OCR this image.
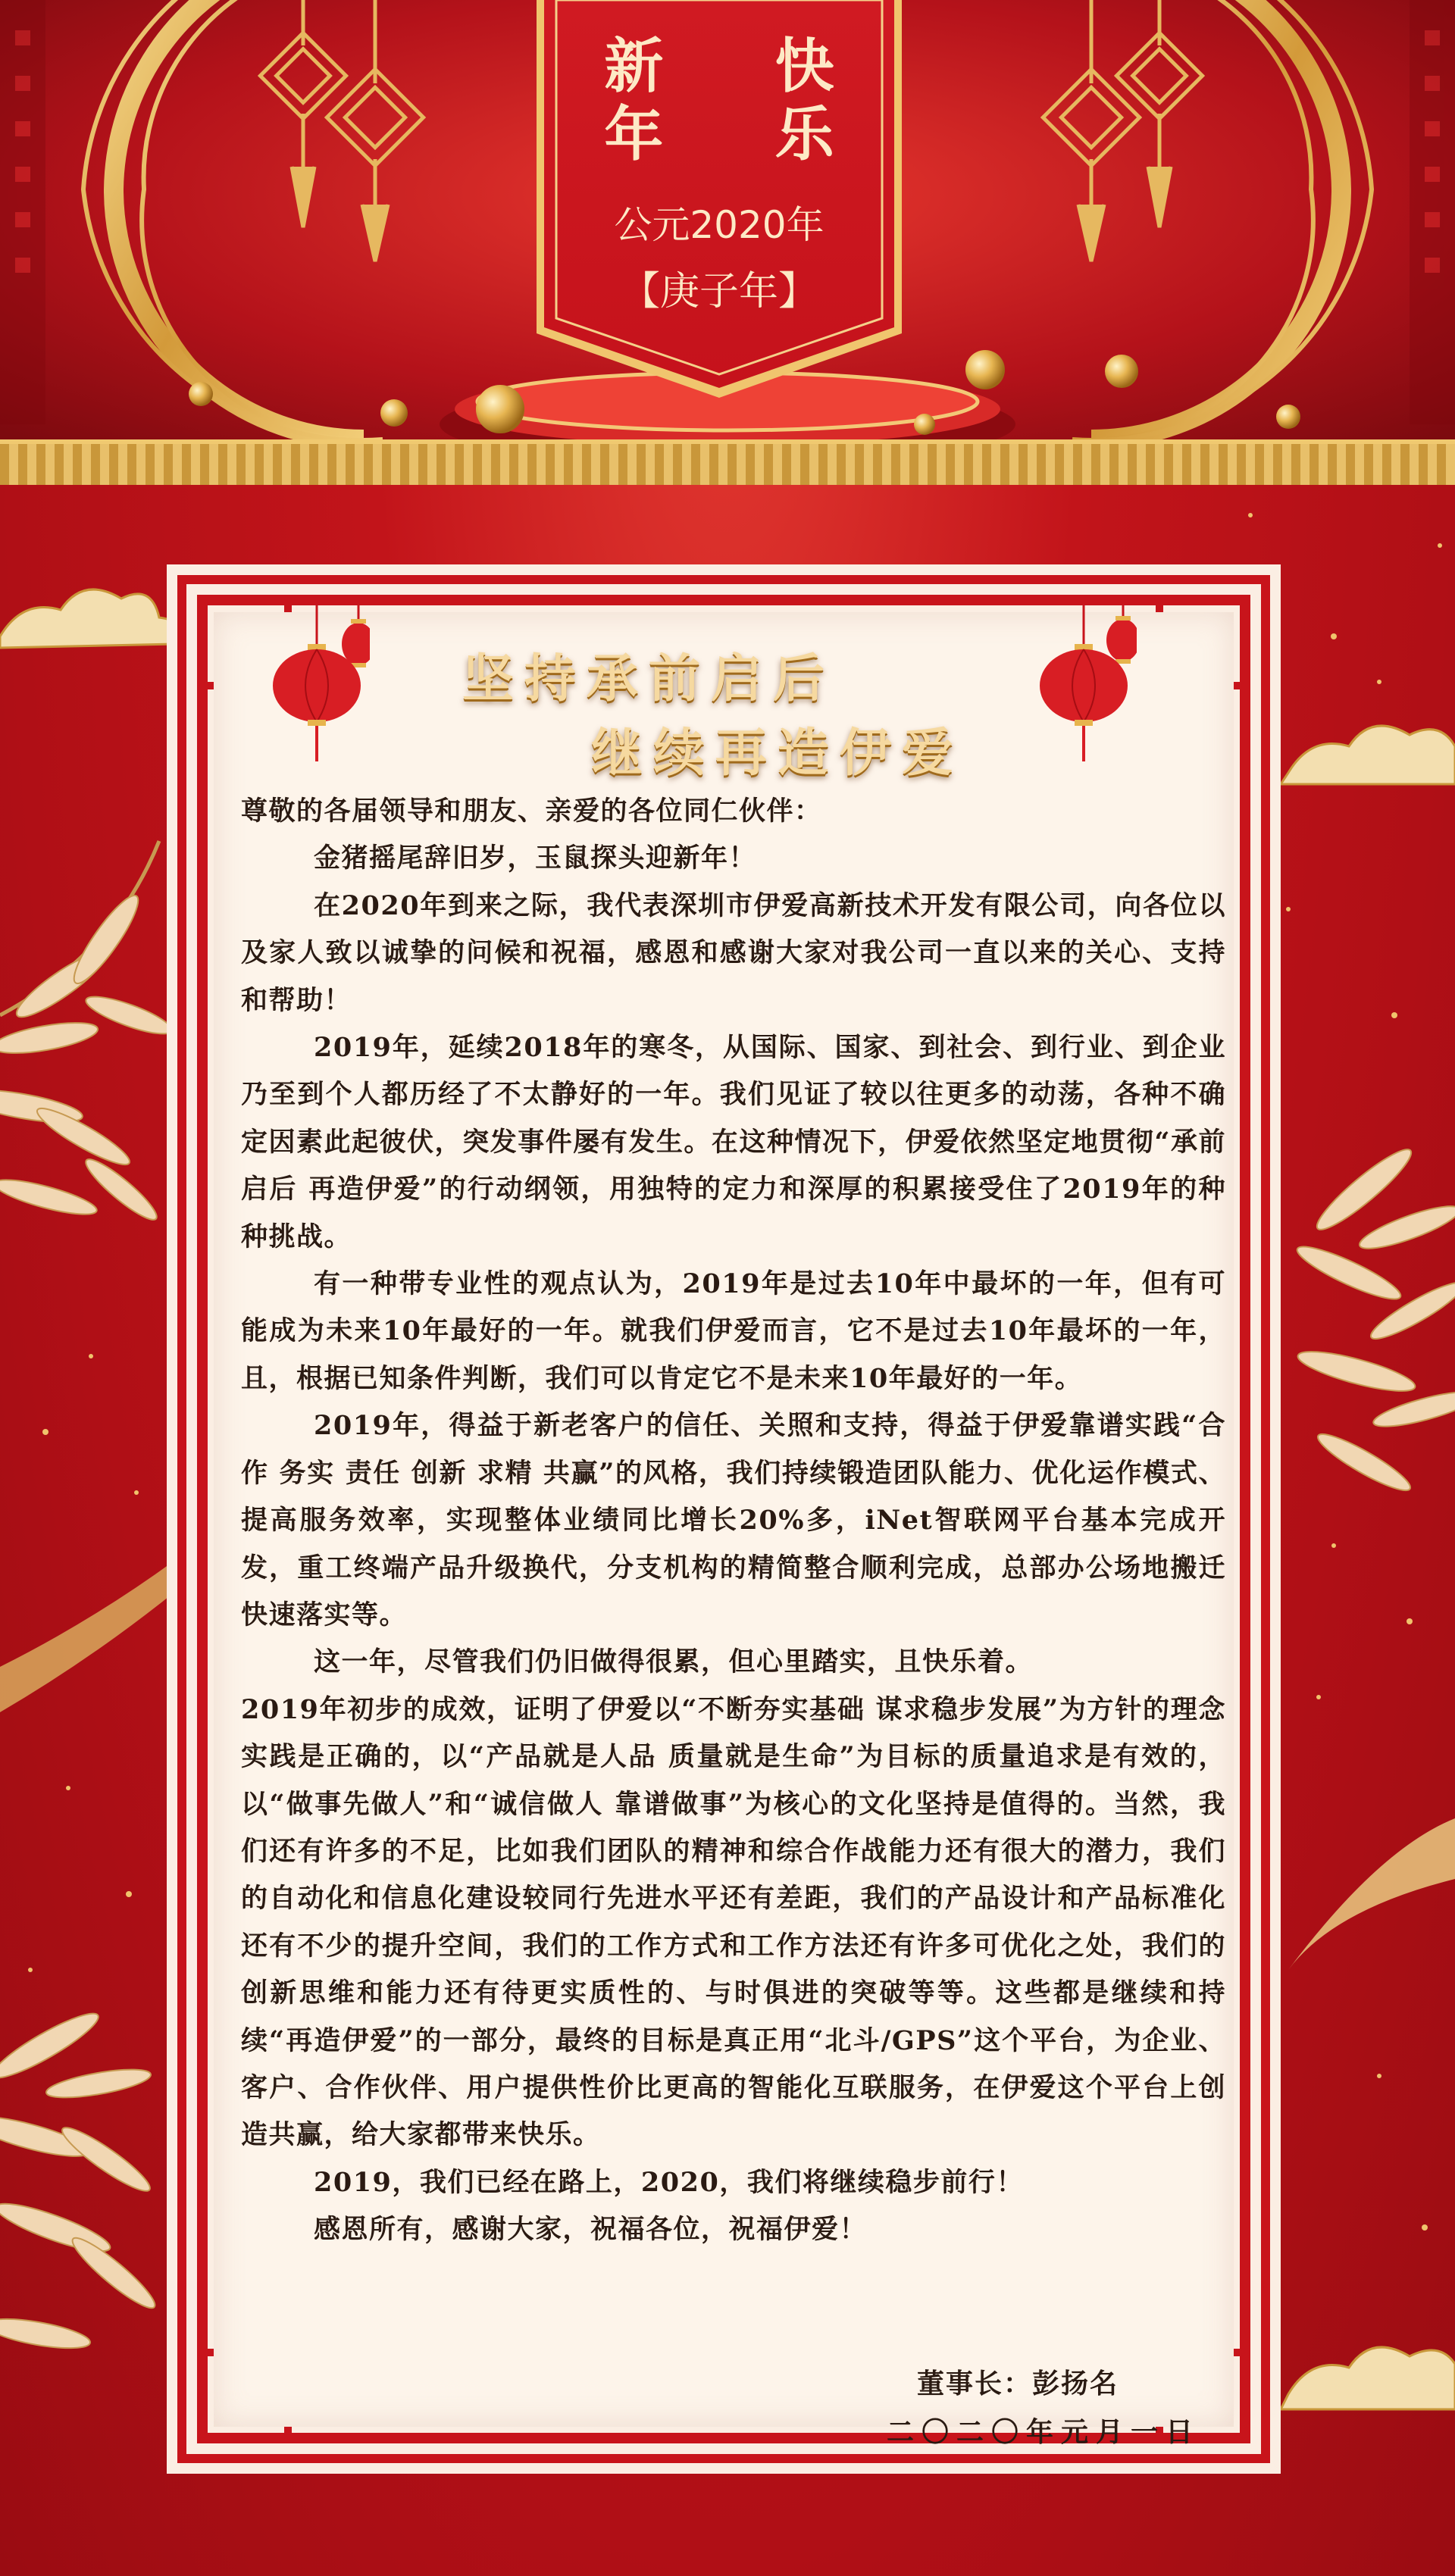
新 快
年 乐
公元2020年
【庚子年】
坚持承前启后
继续再造伊爱

尊敬的各届领导和朋友、亲爱的各位同仁伙伴：

金猪摇尾辞旧岁，玉鼠探头迎新年！

在2020年到来之际，我代表深圳市伊爱高新技术开发有限公司，向各位以及家人致以诚挚的问候和祝福，感恩和感谢大家对我公司一直以来的关心、支持和帮助！

2019年，延续2018年的寒冬，从国际、国家、到社会、到行业、到企业乃至到个人都历经了不太静好的一年。我们见证了较以往更多的动荡，各种不确定因素此起彼伏，突发事件屡有发生。在这种情况下，伊爱依然坚定地贯彻“承前启后 再造伊爱”的行动纲领，用独特的定力和深厚的积累接受住了2019年的种种挑战。

有一种带专业性的观点认为，2019年是过去10年中最坏的一年，但有可能成为未来10年最好的一年。就我们伊爱而言，它不是过去10年最坏的一年，且，根据已知条件判断，我们可以肯定它不是未来10年最好的一年。

2019年，得益于新老客户的信任、关照和支持，得益于伊爱靠谱实践“合作 务实 责任 创新 求精 共赢”的风格，我们持续锻造团队能力、优化运作模式、提高服务效率，实现整体业绩同比增长20%多，iNet智联网平台基本完成开发，重工终端产品升级换代，分支机构的精简整合顺利完成，总部办公场地搬迁快速落实等。

这一年，尽管我们仍旧做得很累，但心里踏实，且快乐着。

2019年初步的成效，证明了伊爱以“不断夯实基础 谋求稳步发展”为方针的理念实践是正确的，以“产品就是人品 质量就是生命”为目标的质量追求是有效的，以“做事先做人”和“诚信做人 靠谱做事”为核心的文化坚持是值得的。当然，我们还有许多的不足，比如我们团队的精神和综合作战能力还有很大的潜力，我们的自动化和信息化建设较同行先进水平还有差距，我们的产品设计和产品标准化还有不少的提升空间，我们的工作方式和工作方法还有许多可优化之处，我们的创新思维和能力还有待更实质性的、与时俱进的突破等等。这些都是继续和持续“再造伊爱”的一部分，最终的目标是真正用“北斗/GPS”这个平台，为企业、客户、合作伙伴、用户提供性价比更高的智能化互联服务，在伊爱这个平台上创造共赢，给大家都带来快乐。

2019，我们已经在路上，2020，我们将继续稳步前行！

感恩所有，感谢大家，祝福各位，祝福伊爱！

董事长：彭扬名
二〇二〇年元月一日
